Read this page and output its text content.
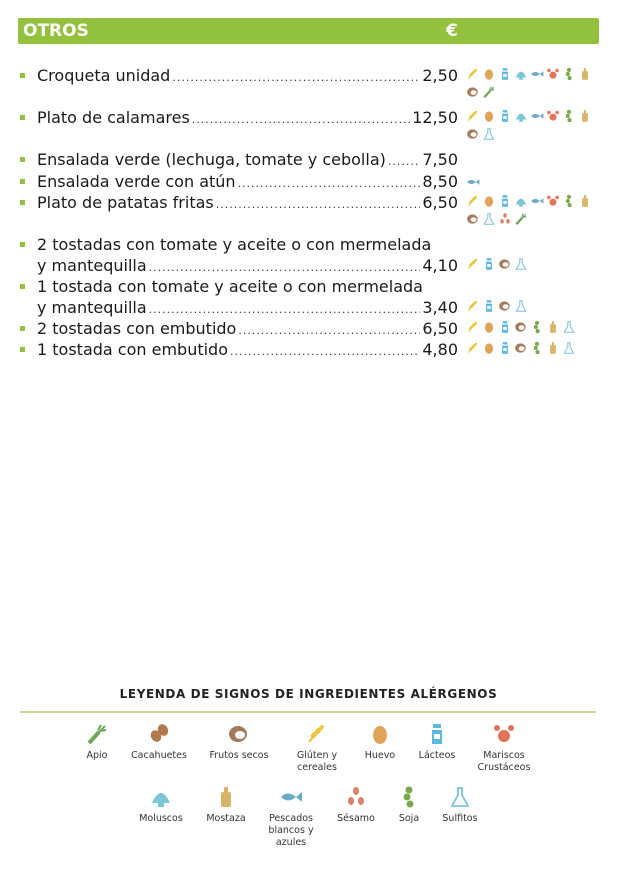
OTROS	€
Croqueta unidad .....	2,50
Plato de calamares .....	12,50
Ensalada verde (lechuga, tomate y cebolla) ..... 7,50
Ensalada verde con atún .....	8,50
Plato de patatas fritas .....	6,50
2 tostadas con tomate y aceite o con mermelada
y mantequilla .....	4,10
1 tostada con tomate y aceite o con mermelada
y mantequilla .....	3,40
2 tostadas con embutido .....	6,50
1 tostada con embutido .....	4,80
LEYENDA DE SIGNOS DE INGREDIENTES ALÉRGENOS
Apio	Cacahuetes	Frutos secos	Glúten y cereales
Huevo	Lácteos	Mariscos Crustáceos
Moluscos	Mostaza	Pescados blancos y azules
Sésamo	Soja	Sulfitos
